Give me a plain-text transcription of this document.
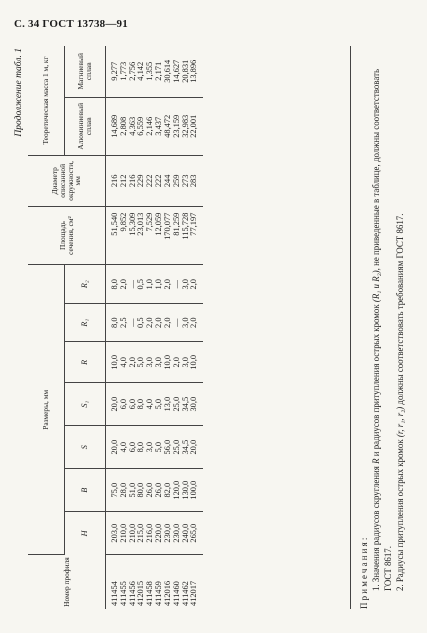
С. 34 ГОСТ 13738—91
Продолжение табл. 1
Номер профиля	Размеры, мм							Площадь сечения, см²	Диаметр описанной окружности, мм	Теоретическая масса 1 м, кг	
	H	B	S	S₁	R	R₁	R₂			Алюминиевый сплав	Магниевый сплав
411454	203,0	75,0	20,0	20,0	10,0	8,0	8,0	51,540	216	14,689	9,277
411455	210,0	28,0	4,0	6,0	4,0	2,5	2,0	9,852	212	2,808	1,773
411456	210,0	51,0	6,0	6,0	2,0	—	—	15,309	216	4,363	2,756
412015	215,0	80,0	8,0	8,0	5,0	0,5	0,5	23,013	229	6,559	4,142
411458	216,0	26,0	3,0	4,0	3,0	2,0	1,0	7,529	222	2,146	1,355
411459	220,0	26,0	5,0	5,0	3,0	2,0	1,0	12,059	222	3,437	2,171
412016	230,0	82,0	56,0	13,0	10,0	2,0	2,0	170,077	244	48,472	30,614
411460	230,0	120,0	25,0	25,0	2,0	—	—	81,259	259	23,159	14,627
411462	240,0	130,0	34,5	34,5	3,0	3,0	3,0	115,728	273	32,983	20,831
412017	265,0	100,0	20,0	30,0	10,0	2,0	2,0	77,197	283	22,001	13,896

Примечания: 1. Значения радиусов скругления R и радиусов притупления острых кромок (R₁ и R₂), не приведенные в таблице, должны соответствовать ГОСТ 8617. 2. Радиусы притупления острых кромок (r, r₁, r₂) должны соответствовать требованиям ГОСТ 8617.
